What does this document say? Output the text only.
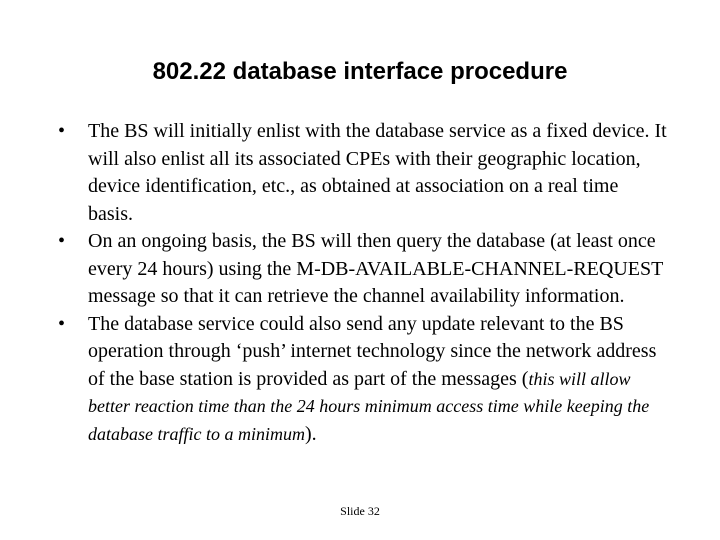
802.22 database interface procedure
• The BS will initially enlist with the database service as a fixed device. It will also enlist all its associated CPEs with their geographic location, device identification, etc., as obtained at association on a real time basis.
• On an ongoing basis, the BS will then query the database (at least once every 24 hours) using the M-DB-AVAILABLE-CHANNEL-REQUEST message so that it can retrieve the channel availability information.
• The database service could also send any update relevant to the BS operation through ‘push’ internet technology since the network address of the base station is provided as part of the messages (this will allow better reaction time than the 24 hours minimum access time while keeping the database traffic to a minimum).
Slide 32
